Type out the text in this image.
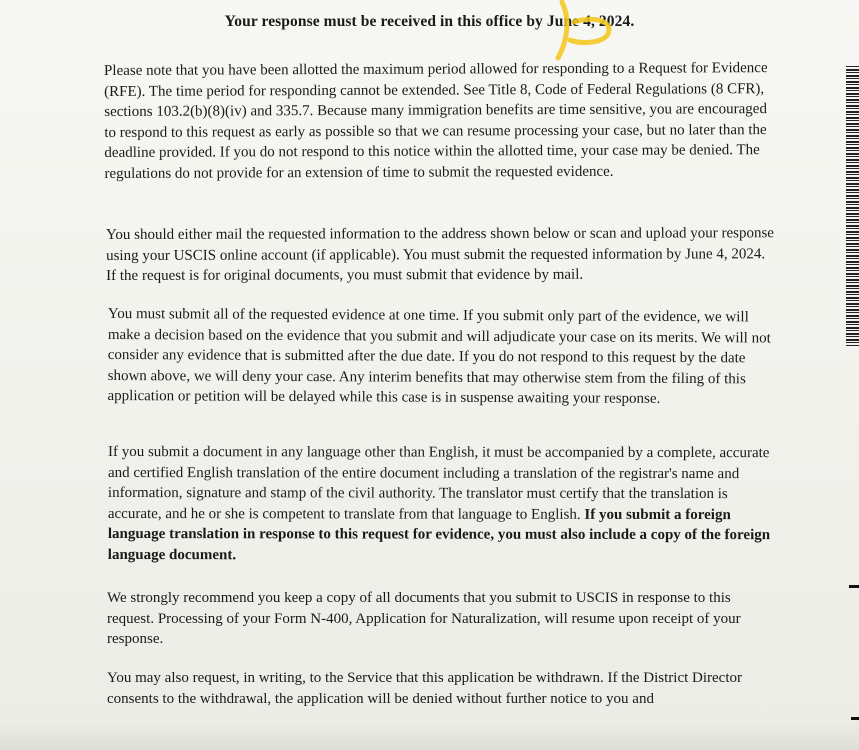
Your response must be received in this office by June 4, 2024.

Please note that you have been allotted the maximum period allowed for responding to a Request for Evidence (RFE). The time period for responding cannot be extended. See Title 8, Code of Federal Regulations (8 CFR), sections 103.2(b)(8)(iv) and 335.7. Because many immigration benefits are time sensitive, you are encouraged to respond to this request as early as possible so that we can resume processing your case, but no later than the deadline provided. If you do not respond to this notice within the allotted time, your case may be denied. The regulations do not provide for an extension of time to submit the requested evidence.

You should either mail the requested information to the address shown below or scan and upload your response using your USCIS online account (if applicable). You must submit the requested information by June 4, 2024. If the request is for original documents, you must submit that evidence by mail.

You must submit all of the requested evidence at one time. If you submit only part of the evidence, we will make a decision based on the evidence that you submit and will adjudicate your case on its merits. We will not consider any evidence that is submitted after the due date. If you do not respond to this request by the date shown above, we will deny your case. Any interim benefits that may otherwise stem from the filing of this application or petition will be delayed while this case is in suspense awaiting your response.

If you submit a document in any language other than English, it must be accompanied by a complete, accurate and certified English translation of the entire document including a translation of the registrar's name and information, signature and stamp of the civil authority. The translator must certify that the translation is accurate, and he or she is competent to translate from that language to English. If you submit a foreign language translation in response to this request for evidence, you must also include a copy of the foreign language document.

We strongly recommend you keep a copy of all documents that you submit to USCIS in response to this request. Processing of your Form N-400, Application for Naturalization, will resume upon receipt of your response.

You may also request, in writing, to the Service that this application be withdrawn. If the District Director consents to the withdrawal, the application will be denied without further notice to you and
